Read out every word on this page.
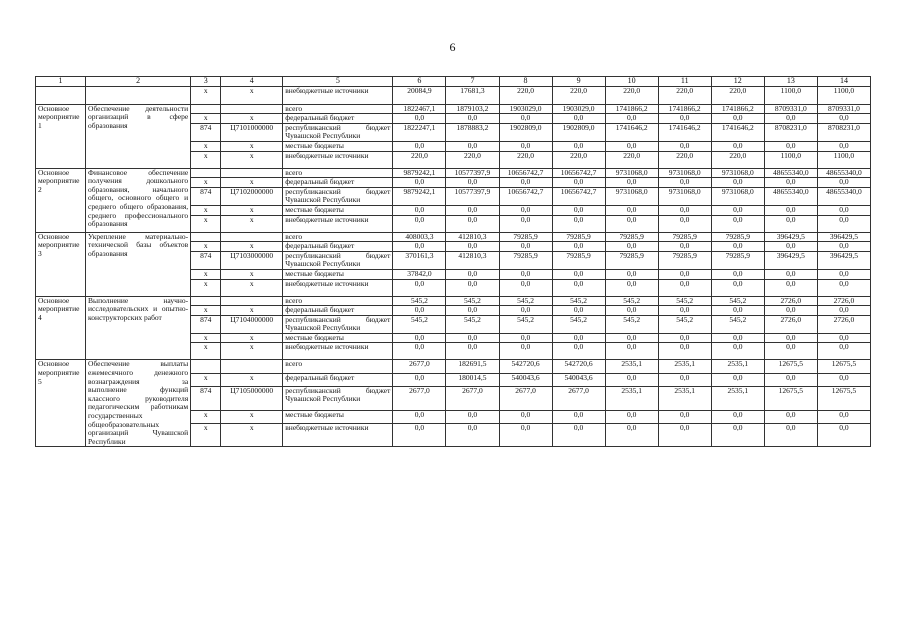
6
1	2	3	4	5	6	7	8	9	10	11	12	13	14
		x	x	внебюджетные источники	20084,9	17681,3	220,0	220,0	220,0	220,0	220,0	1100,0	1100,0
Основное мероприятие 1	Обеспечение деятельности организаций в сфере образования			всего	1822467,1	1879103,2	1903029,0	1903029,0	1741866,2	1741866,2	1741866,2	8709331,0	8709331,0
		x	x	федеральный бюджет	0,0	0,0	0,0	0,0	0,0	0,0	0,0	0,0	0,0
		874	Ц7101000000	республиканский бюджет Чувашской Республики	1822247,1	1878883,2	1902809,0	1902809,0	1741646,2	1741646,2	1741646,2	8708231,0	8708231,0
		x	x	местные бюджеты	0,0	0,0	0,0	0,0	0,0	0,0	0,0	0,0	0,0
		x	x	внебюджетные источники	220,0	220,0	220,0	220,0	220,0	220,0	220,0	1100,0	1100,0
Основное мероприятие 2	Финансовое обеспечение получения дошкольного образования, начального общего, основного общего и среднего общего образования, среднего профессионального образования			всего	9879242,1	10577397,9	10656742,7	10656742,7	9731068,0	9731068,0	9731068,0	48655340,0	48655340,0
		x	x	федеральный бюджет	0,0	0,0	0,0	0,0	0,0	0,0	0,0	0,0	0,0
		874	Ц7102000000	республиканский бюджет Чувашской Республики	9879242,1	10577397,9	10656742,7	10656742,7	9731068,0	9731068,0	9731068,0	48655340,0	48655340,0
		x	x	местные бюджеты	0,0	0,0	0,0	0,0	0,0	0,0	0,0	0,0	0,0
		x	x	внебюджетные источники	0,0	0,0	0,0	0,0	0,0	0,0	0,0	0,0	0,0
Основное мероприятие 3	Укрепление материально-технической базы объектов образования			всего	408003,3	412810,3	79285,9	79285,9	79285,9	79285,9	79285,9	396429,5	396429,5
		x	x	федеральный бюджет	0,0	0,0	0,0	0,0	0,0	0,0	0,0	0,0	0,0
		874	Ц7103000000	республиканский бюджет Чувашской Республики	370161,3	412810,3	79285,9	79285,9	79285,9	79285,9	79285,9	396429,5	396429,5
		x	x	местные бюджеты	37842,0	0,0	0,0	0,0	0,0	0,0	0,0	0,0	0,0
		x	x	внебюджетные источники	0,0	0,0	0,0	0,0	0,0	0,0	0,0	0,0	0,0
Основное мероприятие 4	Выполнение научно-исследовательских и опытно-конструкторских работ			всего	545,2	545,2	545,2	545,2	545,2	545,2	545,2	2726,0	2726,0
		x	x	федеральный бюджет	0,0	0,0	0,0	0,0	0,0	0,0	0,0	0,0	0,0
		874	Ц7104000000	республиканский бюджет Чувашской Республики	545,2	545,2	545,2	545,2	545,2	545,2	545,2	2726,0	2726,0
		x	x	местные бюджеты	0,0	0,0	0,0	0,0	0,0	0,0	0,0	0,0	0,0
		x	x	внебюджетные источники	0,0	0,0	0,0	0,0	0,0	0,0	0,0	0,0	0,0
Основное мероприятие 5	Обеспечение выплаты ежемесячного денежного вознаграждения за выполнение функций классного руководителя педагогическим работникам государственных общеобразовательных организаций Чувашской Республики			всего	2677,0	182691,5	542720,6	542720,6	2535,1	2535,1	2535,1	12675,5	12675,5
		x	x	федеральный бюджет	0,0	180014,5	540043,6	540043,6	0,0	0,0	0,0	0,0	0,0
		874	Ц7105000000	республиканский бюджет Чувашской Республики	2677,0	2677,0	2677,0	2677,0	2535,1	2535,1	2535,1	12675,5	12675,5
		x	x	местные бюджеты	0,0	0,0	0,0	0,0	0,0	0,0	0,0	0,0	0,0
		x	x	внебюджетные источники	0,0	0,0	0,0	0,0	0,0	0,0	0,0	0,0	0,0
